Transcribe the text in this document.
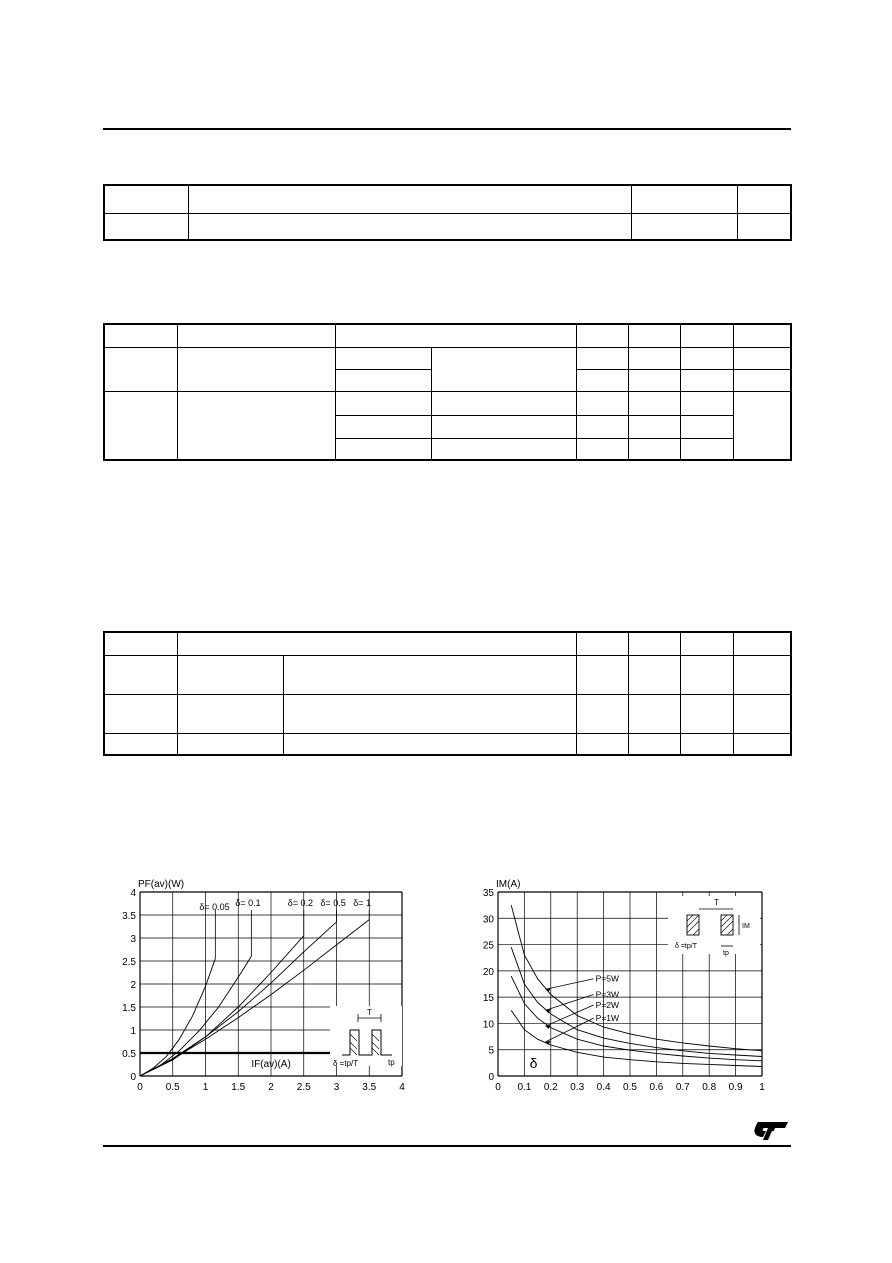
PF(av)(W)
0 0.5 1 1.5 2 2.5 3 3.5 4
0
0.5
1
1.5
2
2.5
3
3.5
4
δ= 0.05 δ= 0.1	δ= 0.2 δ= 0.5 δ= 1
IF(av)(A)
T
δ =tp/T	tp
IM(A)
0 0.1 0.2 0.3 0.4 0.5 0.6 0.7 0.8 0.9 1
0
5
10
15
20
25
30
35
P=5W
P=3W
P=2W
P=1W
δ
T
IM
δ =tp/T
tp
ST
